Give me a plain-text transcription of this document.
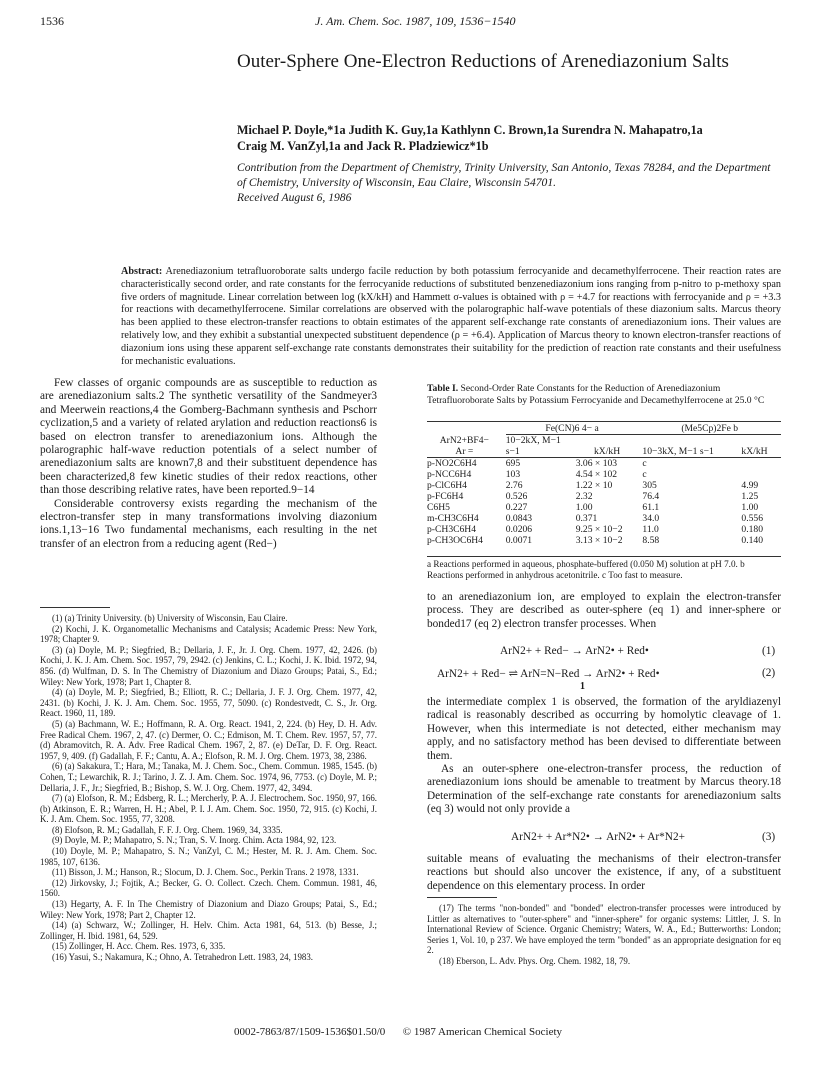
1536	J. Am. Chem. Soc. 1987, 109, 1536−1540
Outer-Sphere One-Electron Reductions of Arenediazonium Salts
Michael P. Doyle,*1a Judith K. Guy,1a Kathlynn C. Brown,1a Surendra N. Mahapatro,1a
Craig M. VanZyl,1a and Jack R. Pladziewicz*1b
Contribution from the Department of Chemistry, Trinity University, San Antonio, Texas 78284, and the Department of Chemistry, University of Wisconsin, Eau Claire, Wisconsin 54701.
Received August 6, 1986
Abstract: Arenediazonium tetrafluoroborate salts undergo facile reduction by both potassium ferrocyanide and decamethylferrocene. Their reaction rates are characteristically second order, and rate constants for the ferrocyanide reductions of substituted benzenediazonium ions ranging from p-nitro to p-methoxy span five orders of magnitude. Linear correlation between log (kX/kH) and Hammett σ-values is obtained with ρ = +4.7 for reactions with ferrocyanide and ρ = +3.3 for reactions with decamethylferrocene. Similar correlations are observed with the polarographic half-wave potentials of these diazonium salts. Marcus theory has been applied to these electron-transfer reactions to obtain estimates of the apparent self-exchange rate constants of arenediazonium ions. Their values are relatively low, and they exhibit a substantial unexpected substituent dependence (ρ = +6.4). Application of Marcus theory to known electron-transfer reactions of diazonium ions using these apparent self-exchange rate constants demonstrates their suitability for the prediction of reaction rate constants and their usefulness for mechanistic evaluations.

Few classes of organic compounds are as susceptible to reduction as are arenediazonium salts.2 The synthetic versatility of the Sandmeyer3 and Meerwein reactions,4 the Gomberg-Bachmann synthesis and Pschorr cyclization,5 and a variety of related arylation and reduction reactions6 is based on electron transfer to arenediazonium ions. Although the polarographic half-wave reduction potentials of a select number of arenediazonium salts are known7,8 and their substituent dependence has been characterized,8 few kinetic studies of their redox reactions, other than those describing relative rates, have been reported.9−14

Considerable controversy exists regarding the mechanism of the electron-transfer step in many transformations involving diazonium ions.1,13−16 Two fundamental mechanisms, each resulting in the net transfer of an electron from a reducing agent (Red−)

(1) (a) Trinity University. (b) University of Wisconsin, Eau Claire.
(2) Kochi, J. K. Organometallic Mechanisms and Catalysis; Academic Press: New York, 1978; Chapter 9.
(3) (a) Doyle, M. P.; Siegfried, B.; Dellaria, J. F., Jr. J. Org. Chem. 1977, 42, 2426. (b) Kochi, J. K. J. Am. Chem. Soc. 1957, 79, 2942. (c) Jenkins, C. L.; Kochi, J. K. Ibid. 1972, 94, 856. (d) Wulfman, D. S. In The Chemistry of Diazonium and Diazo Groups; Patai, S., Ed.; Wiley: New York, 1978; Part 1, Chapter 8.
(4) (a) Doyle, M. P.; Siegfried, B.; Elliott, R. C.; Dellaria, J. F. J. Org. Chem. 1977, 42, 2431. (b) Kochi, J. K. J. Am. Chem. Soc. 1955, 77, 5090. (c) Rondestvedt, C. S., Jr. Org. React. 1960, 11, 189.
(5) (a) Bachmann, W. E.; Hoffmann, R. A. Org. React. 1941, 2, 224. (b) Hey, D. H. Adv. Free Radical Chem. 1967, 2, 47. (c) Dermer, O. C.; Edmison, M. T. Chem. Rev. 1957, 57, 77. (d) Abramovitch, R. A. Adv. Free Radical Chem. 1967, 2, 87. (e) DeTar, D. F. Org. React. 1957, 9, 409. (f) Gadallah, F. F.; Cantu, A. A.; Elofson, R. M. J. Org. Chem. 1973, 38, 2386.
(6) (a) Sakakura, T.; Hara, M.; Tanaka, M. J. Chem. Soc., Chem. Commun. 1985, 1545. (b) Cohen, T.; Lewarchik, R. J.; Tarino, J. Z. J. Am. Chem. Soc. 1974, 96, 7753. (c) Doyle, M. P.; Dellaria, J. F., Jr.; Siegfried, B.; Bishop, S. W. J. Org. Chem. 1977, 42, 3494.
(7) (a) Elofson, R. M.; Edsberg, R. L.; Mercherly, P. A. J. Electrochem. Soc. 1950, 97, 166. (b) Atkinson, E. R.; Warren, H. H.; Abel, P. I. J. Am. Chem. Soc. 1950, 72, 915. (c) Kochi, J. K. J. Am. Chem. Soc. 1955, 77, 3208.
(8) Elofson, R. M.; Gadallah, F. F. J. Org. Chem. 1969, 34, 3335.
(9) Doyle, M. P.; Mahapatro, S. N.; Tran, S. V. Inorg. Chim. Acta 1984, 92, 123.
(10) Doyle, M. P.; Mahapatro, S. N.; VanZyl, C. M.; Hester, M. R. J. Am. Chem. Soc. 1985, 107, 6136.
(11) Bisson, J. M.; Hanson, R.; Slocum, D. J. Chem. Soc., Perkin Trans. 2 1978, 1331.
(12) Jirkovsky, J.; Fojtik, A.; Becker, G. O. Collect. Czech. Chem. Commun. 1981, 46, 1560.
(13) Hegarty, A. F. In The Chemistry of Diazonium and Diazo Groups; Patai, S., Ed.; Wiley: New York, 1978; Part 2, Chapter 12.
(14) (a) Schwarz, W.; Zollinger, H. Helv. Chim. Acta 1981, 64, 513. (b) Besse, J.; Zollinger, H. Ibid. 1981, 64, 529.
(15) Zollinger, H. Acc. Chem. Res. 1973, 6, 335.
(16) Yasui, S.; Nakamura, K.; Ohno, A. Tetrahedron Lett. 1983, 24, 1983.
Table I. Second-Order Rate Constants for the Reduction of Arenediazonium Tetrafluoroborate Salts by Potassium Ferrocyanide and Decamethylferrocene at 25.0 °C
	Fe(CN)6 4− a		(Me5Cp)2Fe b	

ArN2+BF4−
Ar =	10−2kX, M−1 s−1	kX/kH	10−3kX, M−1 s−1	kX/kH

p-NO2C6H4	695	3.06 × 103	c	
p-NCC6H4	103	4.54 × 102	c	
p-ClC6H4	2.76	1.22 × 10	305	4.99
p-FC6H4	0.526	2.32	76.4	1.25
C6H5	0.227	1.00	61.1	1.00
m-CH3C6H4	0.0843	0.371	34.0	0.556
p-CH3C6H4	0.0206	9.25 × 10−2	11.0	0.180
p-CH3OC6H4	0.0071	3.13 × 10−2	8.58	0.140
a Reactions performed in aqueous, phosphate-buffered (0.050 M) solution at pH 7.0. b Reactions performed in anhydrous acetonitrile. c Too fast to measure.

to an arenediazonium ion, are employed to explain the electron-transfer process. They are described as outer-sphere (eq 1) and inner-sphere or bonded17 (eq 2) electron transfer processes. When

ArN2+ + Red− → ArN2• + Red•	(1)
ArN2+ + Red− ⇌ ArN=N−Red → ArN2• + Red•
1
(2)

the intermediate complex 1 is observed, the formation of the aryldiazenyl radical is reasonably described as occurring by homolytic cleavage of 1. However, when this intermediate is not detected, either mechanism may apply, and no satisfactory method has been devised to differentiate between them.

As an outer-sphere one-electron-transfer process, the reduction of arenediazonium ions should be amenable to treatment by Marcus theory.18 Determination of the self-exchange rate constants for arenediazonium salts (eq 3) would not only provide a

ArN2+ + Ar*N2• → ArN2• + Ar*N2+	(3)

suitable means of evaluating the mechanisms of their electron-transfer reactions but should also uncover the existence, if any, of a substituent dependence on this elementary process. In order

(17) The terms "non-bonded" and "bonded" electron-transfer processes were introduced by Littler as alternatives to "outer-sphere" and "inner-sphere" for organic systems: Littler, J. S. In International Review of Science. Organic Chemistry; Waters, W. A., Ed.; Butterworths: London; Series 1, Vol. 10, p 237. We have employed the term "bonded" as an appropriate designation for eq 2.
(18) Eberson, L. Adv. Phys. Org. Chem. 1982, 18, 79.
0002-7863/87/1509-1536$01.50/0 © 1987 American Chemical Society
